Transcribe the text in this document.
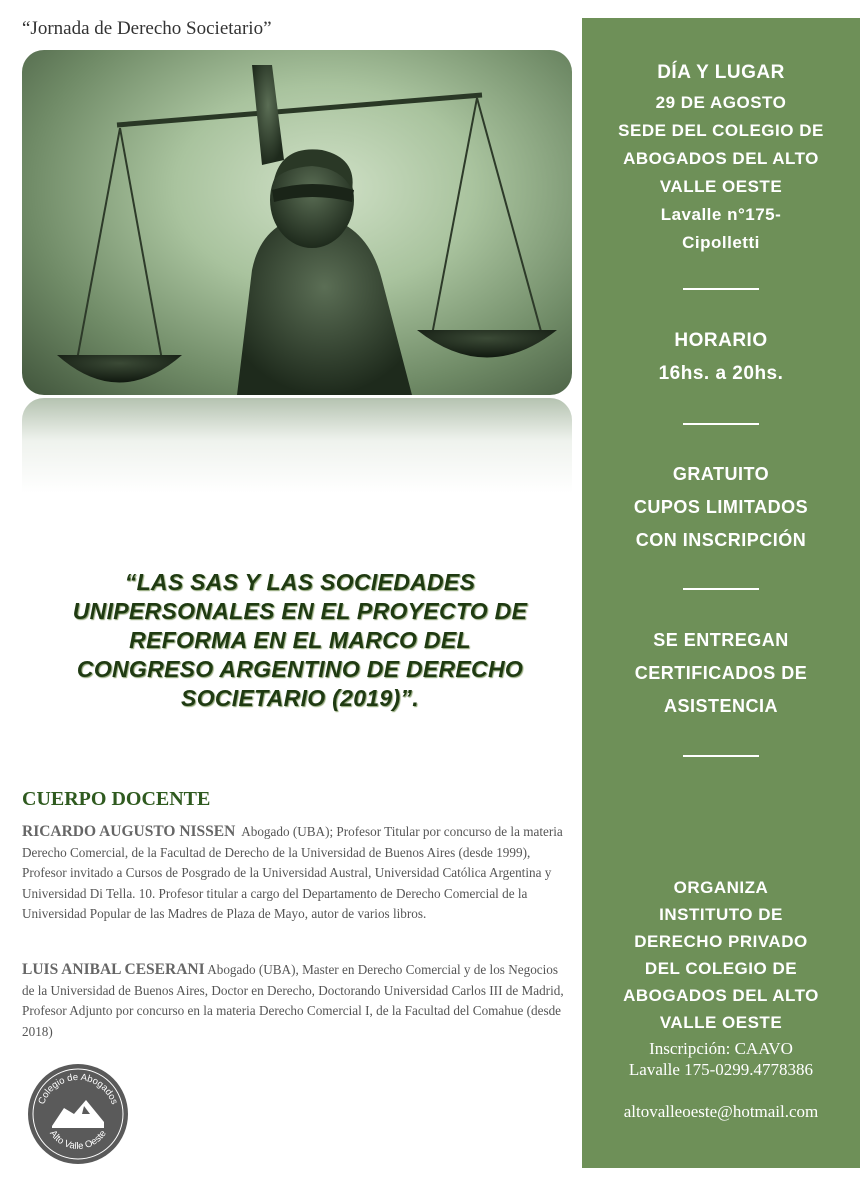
“Jornada de Derecho Societario”
“LAS SAS Y LAS SOCIEDADES
UNIPERSONALES EN EL PROYECTO DE
REFORMA EN EL MARCO DEL
CONGRESO ARGENTINO DE DERECHO
SOCIETARIO (2019)”.
CUERPO DOCENTE
RICARDO AUGUSTO NISSEN Abogado (UBA); Profesor Titular por concurso de la materia Derecho Comercial, de la Facultad de Derecho de la Universidad de Buenos Aires (desde 1999), Profesor invitado a Cursos de Posgrado de la Universidad Austral, Universidad Católica Argentina y Universidad Di Tella. 10. Profesor titular a cargo del Departamento de Derecho Comercial de la Universidad Popular de las Madres de Plaza de Mayo, autor de varios libros.
LUIS ANIBAL CESERANI Abogado (UBA), Master en Derecho Comercial y de los Negocios de la Universidad de Buenos Aires, Doctor en Derecho, Doctorando Universidad Carlos III de Madrid, Profesor Adjunto por concurso en la materia Derecho Comercial I, de la Facultad del Comahue (desde 2018)
Colegio de Abogados
Alto Valle Oeste
DÍA Y LUGAR
29 DE AGOSTO
SEDE DEL COLEGIO DE
ABOGADOS DEL ALTO
VALLE OESTE
Lavalle n°175-
Cipolletti
HORARIO
16hs. a 20hs.
GRATUITO
CUPOS LIMITADOS
CON INSCRIPCIÓN
SE ENTREGAN
CERTIFICADOS DE
ASISTENCIA
ORGANIZA
INSTITUTO DE
DERECHO PRIVADO
DEL COLEGIO DE
ABOGADOS DEL ALTO
VALLE OESTE
Inscripción: CAAVO
Lavalle 175-0299.4778386
altovalleoeste@hotmail.com
